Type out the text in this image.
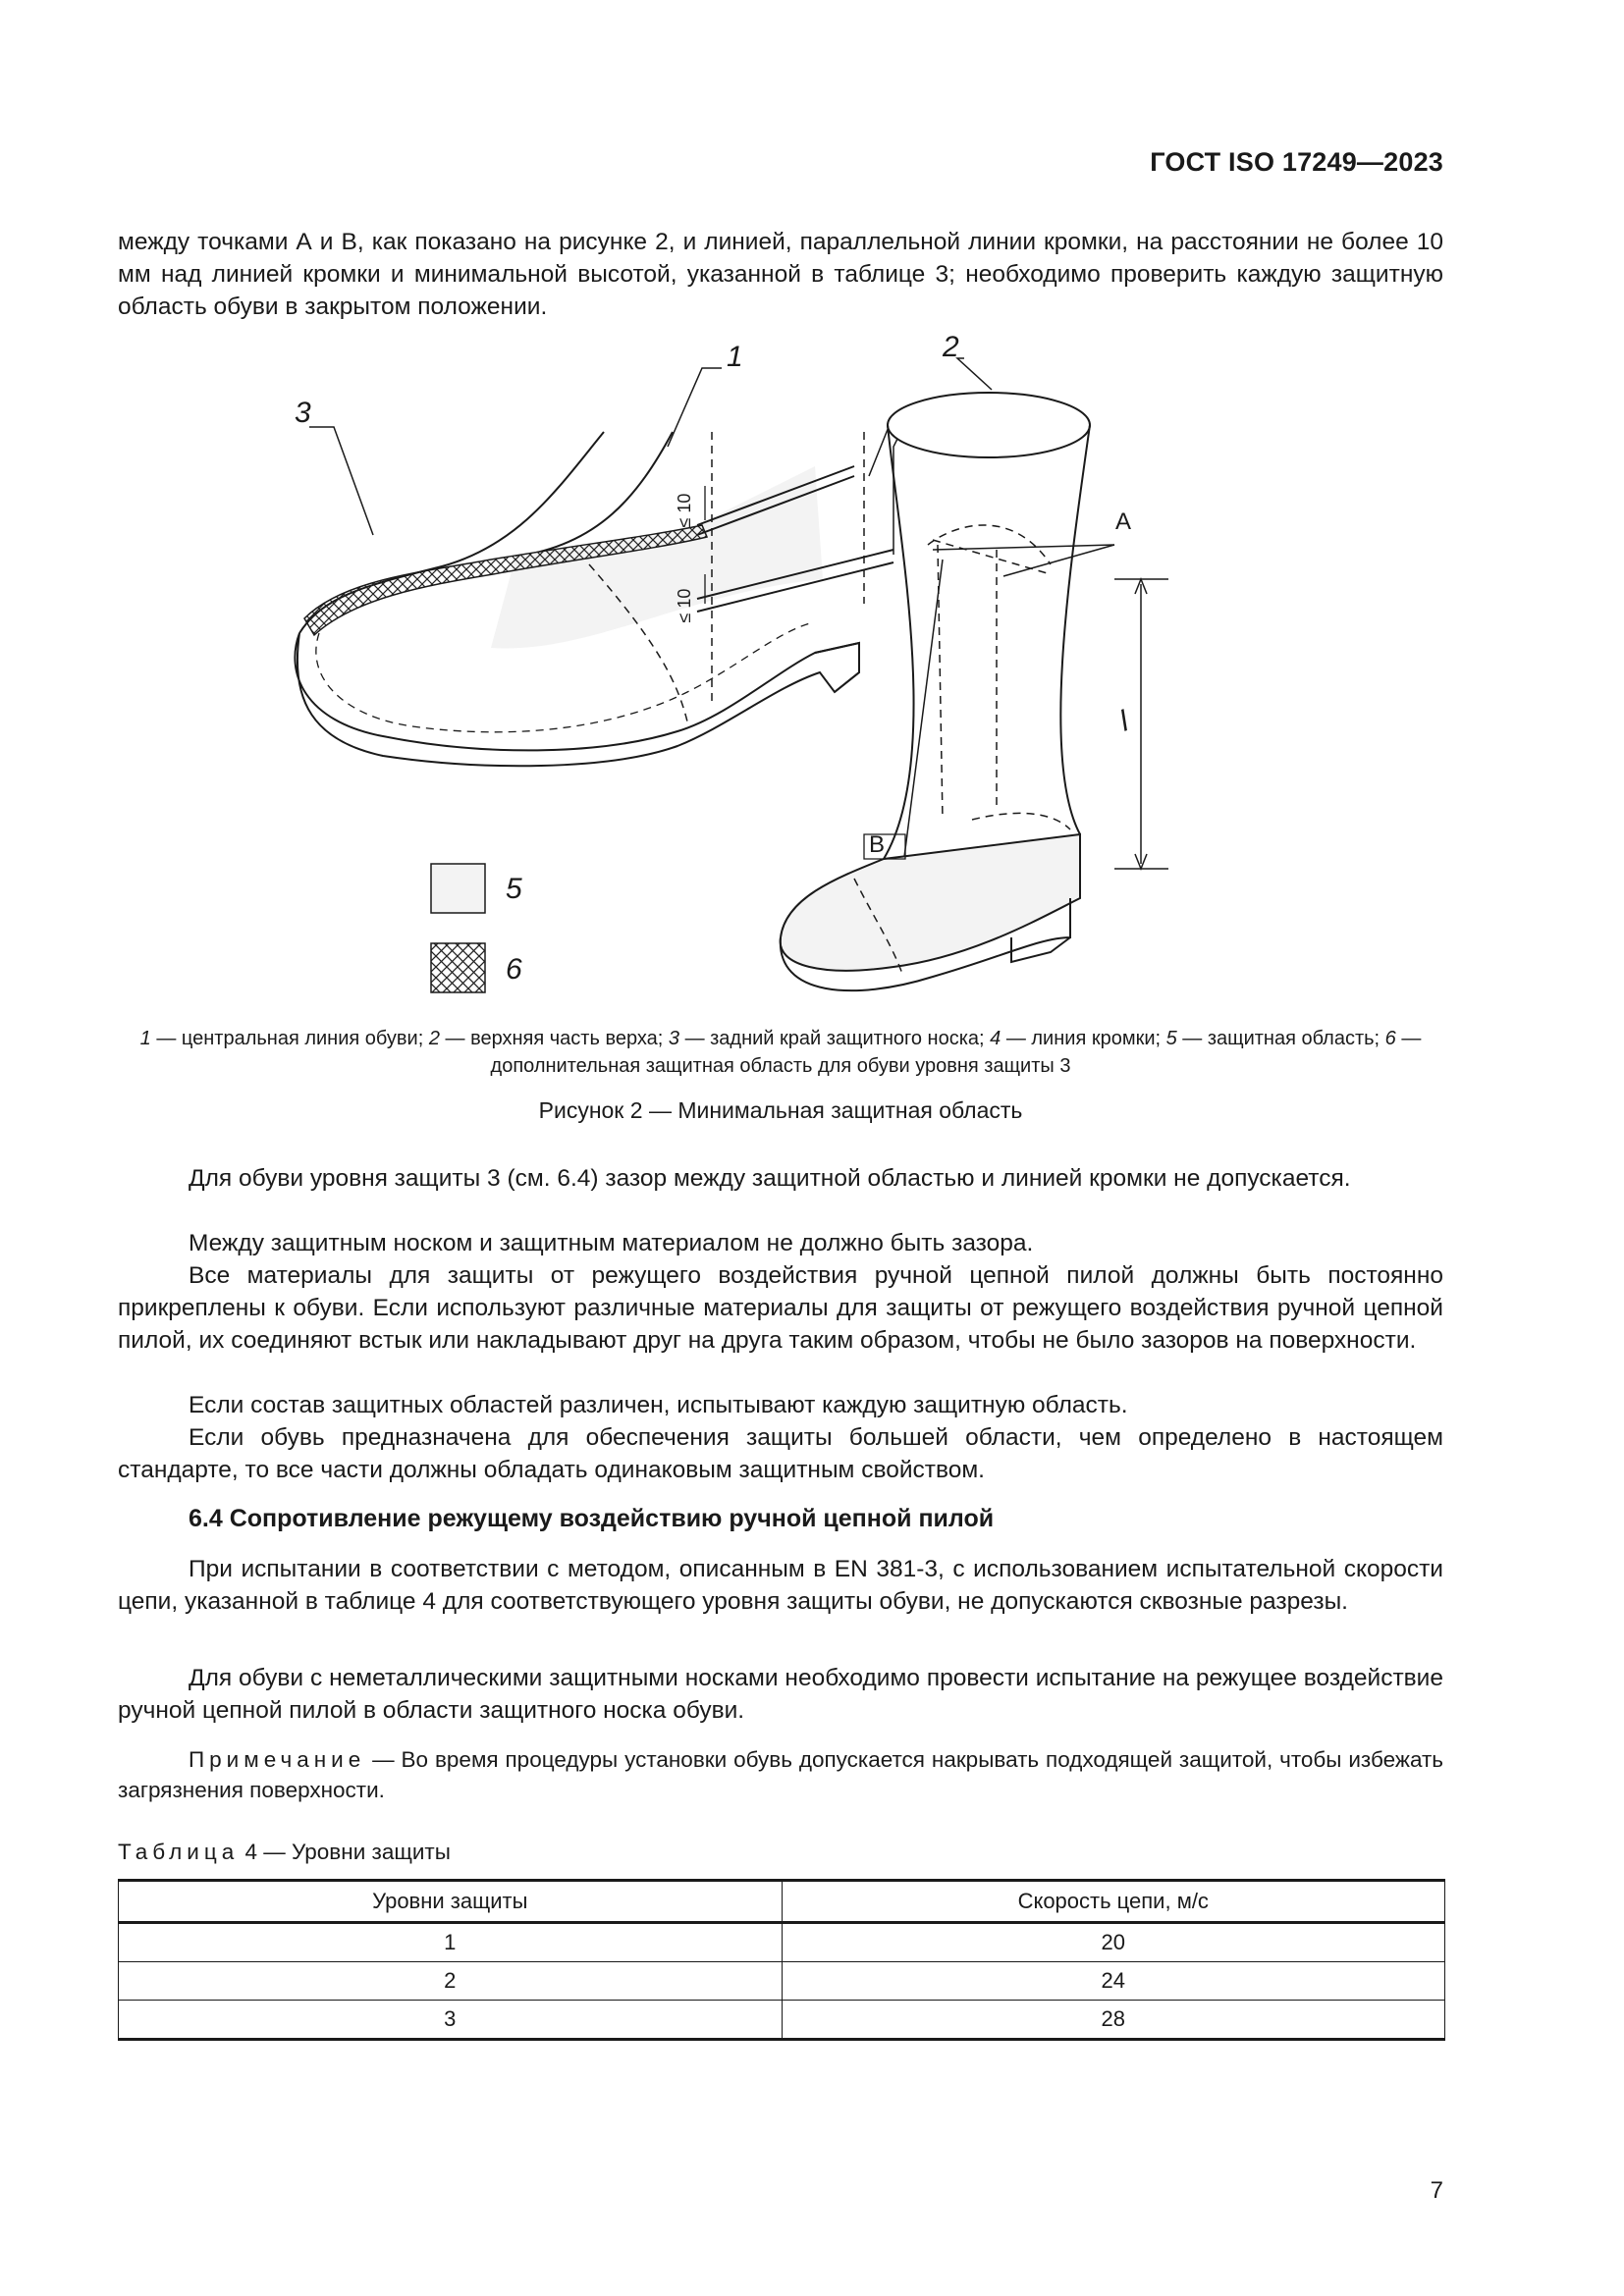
ГОСТ ISO 17249—2023

между точками А и В, как показано на рисунке 2, и линией, параллельной линии кромки, на расстоянии не более 10 мм над линией кромки и минимальной высотой, указанной в таблице 3; необходимо проверить каждую защитную область обуви в закрытом положении.

≤ 10
≤ 10
1
3
2
A
B
l
5
6

1 — центральная линия обуви; 2 — верхняя часть верха; 3 — задний край защитного носка; 4 — линия кромки; 5 — защитная область; 6 — дополнительная защитная область для обуви уровня защиты 3

Рисунок 2 — Минимальная защитная область

Для обуви уровня защиты 3 (см. 6.4) зазор между защитной областью и линией кромки не допускается.

Между защитным носком и защитным материалом не должно быть зазора.

Все материалы для защиты от режущего воздействия ручной цепной пилой должны быть постоянно прикреплены к обуви. Если используют различные материалы для защиты от режущего воздействия ручной цепной пилой, их соединяют встык или накладывают друг на друга таким образом, чтобы не было зазоров на поверхности.

Если состав защитных областей различен, испытывают каждую защитную область.

Если обувь предназначена для обеспечения защиты большей области, чем определено в настоящем стандарте, то все части должны обладать одинаковым защитным свойством.

6.4 Сопротивление режущему воздействию ручной цепной пилой

При испытании в соответствии с методом, описанным в EN 381-3, с использованием испытательной скорости цепи, указанной в таблице 4 для соответствующего уровня защиты обуви, не допускаются сквозные разрезы.

Для обуви с неметаллическими защитными носками необходимо провести испытание на режущее воздействие ручной цепной пилой в области защитного носка обуви.

Примечание — Во время процедуры установки обувь допускается накрывать подходящей защитой, чтобы избежать загрязнения поверхности.

Таблица 4 — Уровни защиты

Уровни защиты	Скорость цепи, м/с
1	20
2	24
3	28
7
